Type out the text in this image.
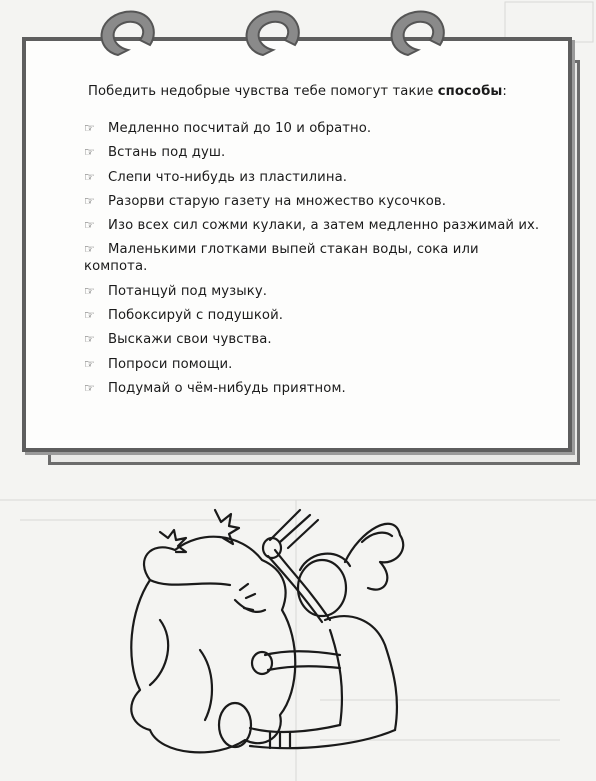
Победить недобрые чувства тебе помогут такие способы:
☞ Медленно посчитай до 10 и обратно.
☞ Встань под душ.
☞ Слепи что-нибудь из пластилина.
☞ Разорви старую газету на множество кусочков.
☞ Изо всех сил сожми кулаки, а затем медленно разжимай их.
☞ Маленькими глотками выпей стакан воды, сока или компота.
☞ Потанцуй под музыку.
☞ Побоксируй с подушкой.
☞ Выскажи свои чувства.
☞ Попроси помощи.
☞ Подумай о чём-нибудь приятном.
